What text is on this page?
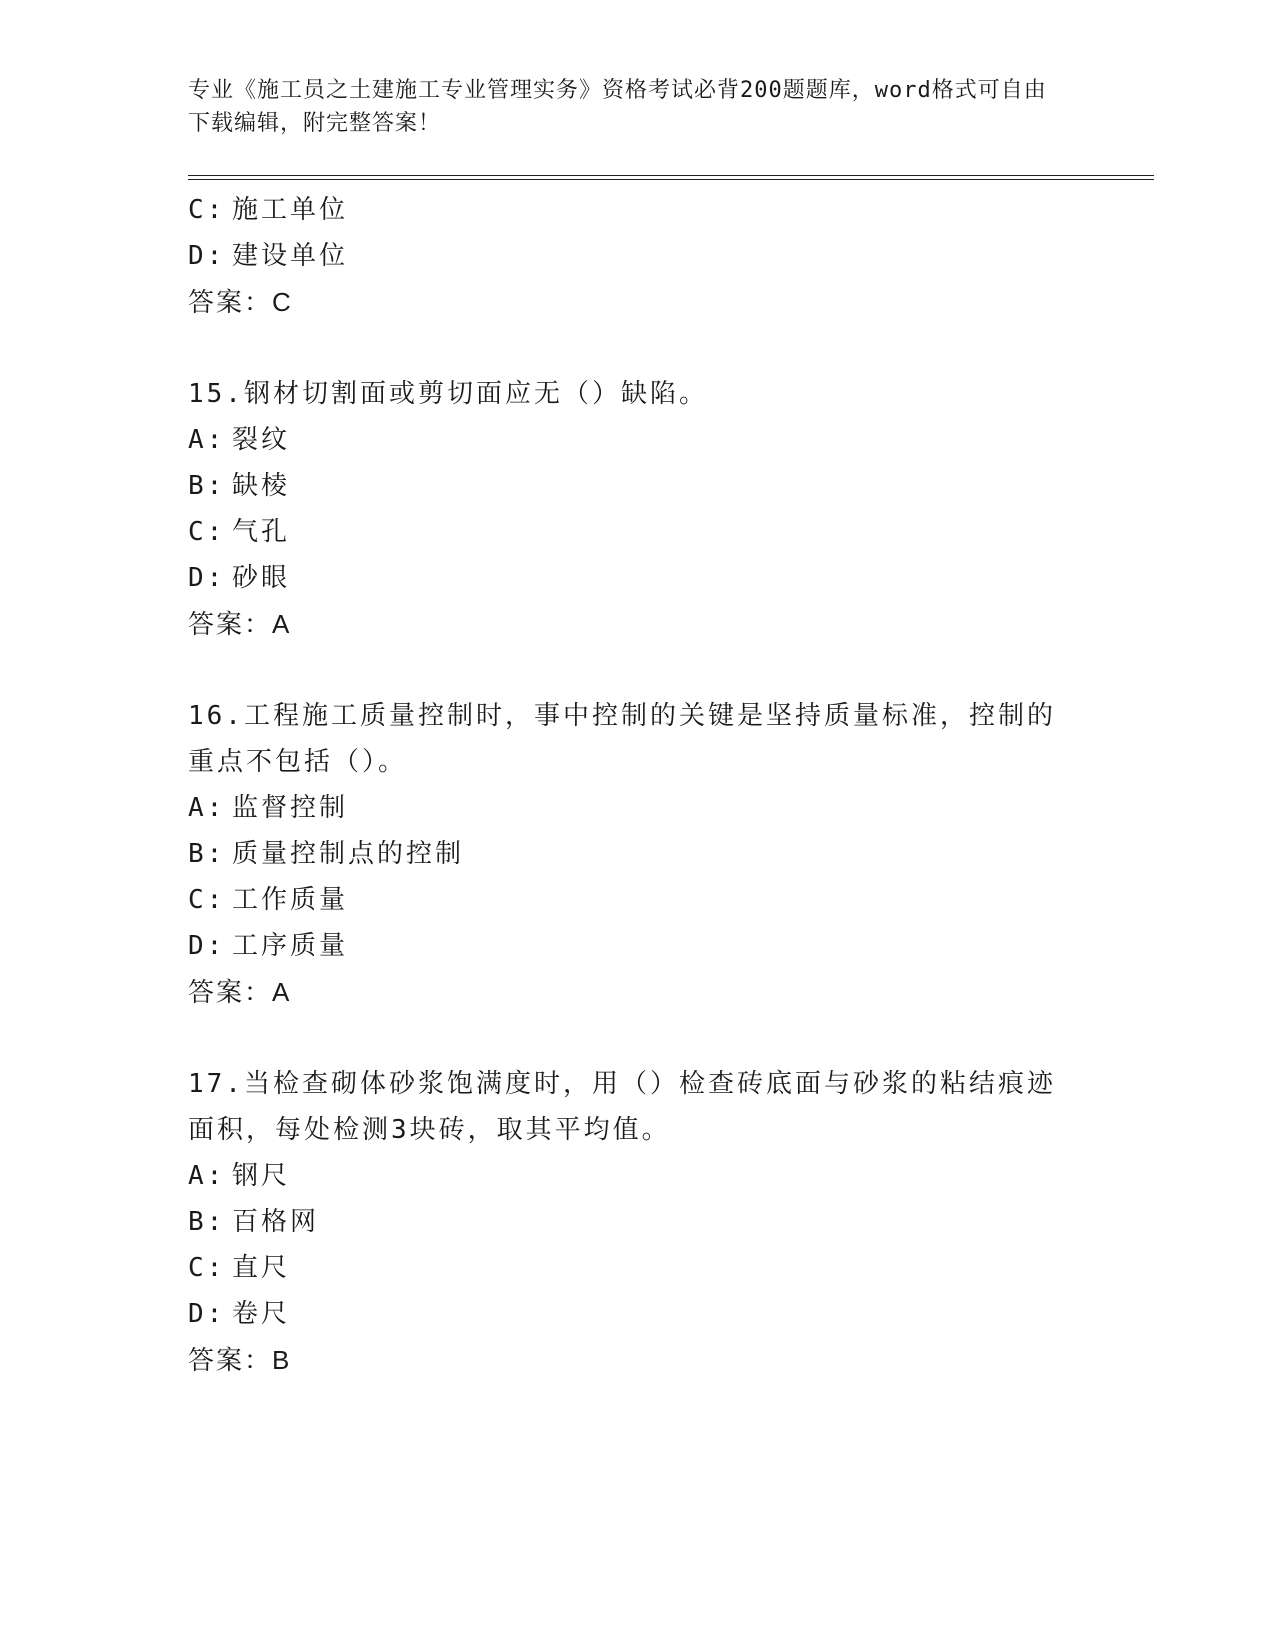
专业《施工员之土建施工专业管理实务》资格考试必背200题题库，word格式可自由下载编辑，附完整答案！
C: 施工单位
D: 建设单位
答案：C
15.钢材切割面或剪切面应无（）缺陷。
A: 裂纹
B: 缺棱
C: 气孔
D: 砂眼
答案：A
16.工程施工质量控制时，事中控制的关键是坚持质量标准，控制的重点不包括（）。
A: 监督控制
B: 质量控制点的控制
C: 工作质量
D: 工序质量
答案：A
17.当检查砌体砂浆饱满度时，用（）检查砖底面与砂浆的粘结痕迹面积，每处检测3块砖，取其平均值。
A: 钢尺
B: 百格网
C: 直尺
D: 卷尺
答案：B
